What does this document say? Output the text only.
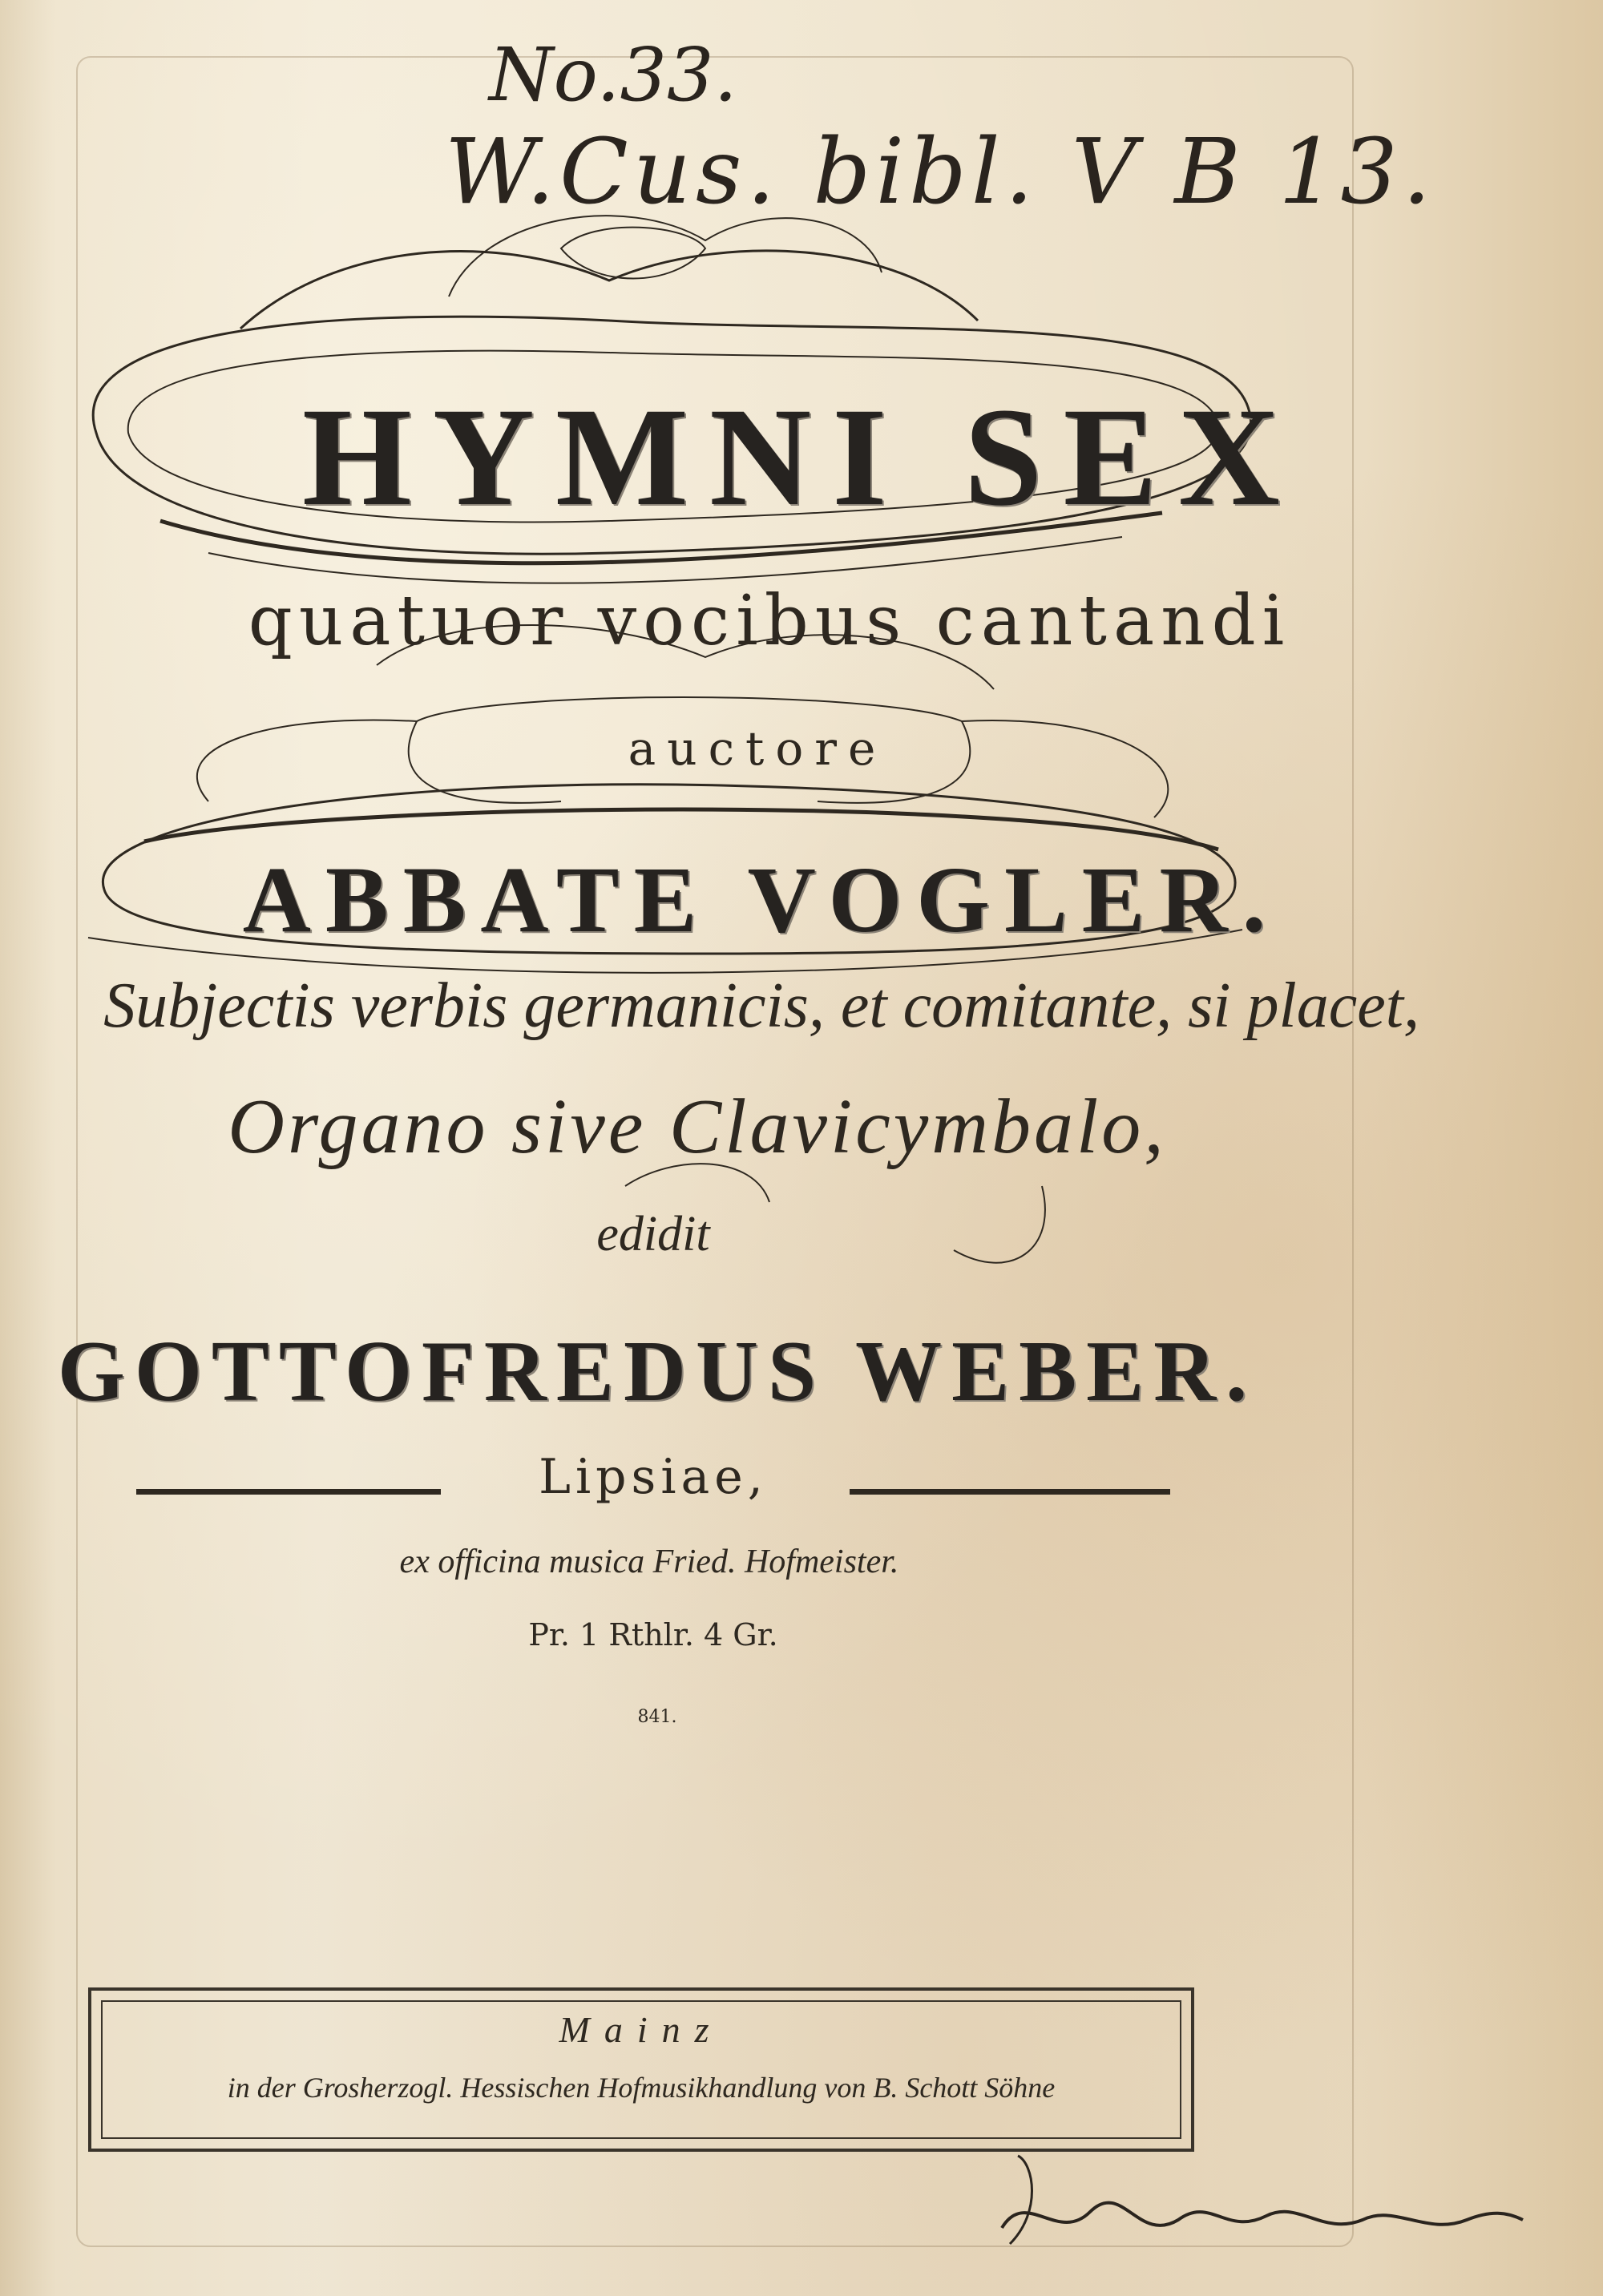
No.33.
W.Cus. bibl. V B 13.
HYMNI SEX
quatuor vocibus cantandi
auctore
ABBATE VOGLER.
Subjectis verbis germanicis, et comitante, si placet,
Organo sive Clavicymbalo,
edidit
GOTTOFREDUS WEBER.
Lipsiae,
ex officina musica Fried. Hofmeister.
Pr. 1 Rthlr. 4 Gr.
841.
Mainz
in der Grosherzogl. Hessischen Hofmusikhandlung von B. Schott Söhne
